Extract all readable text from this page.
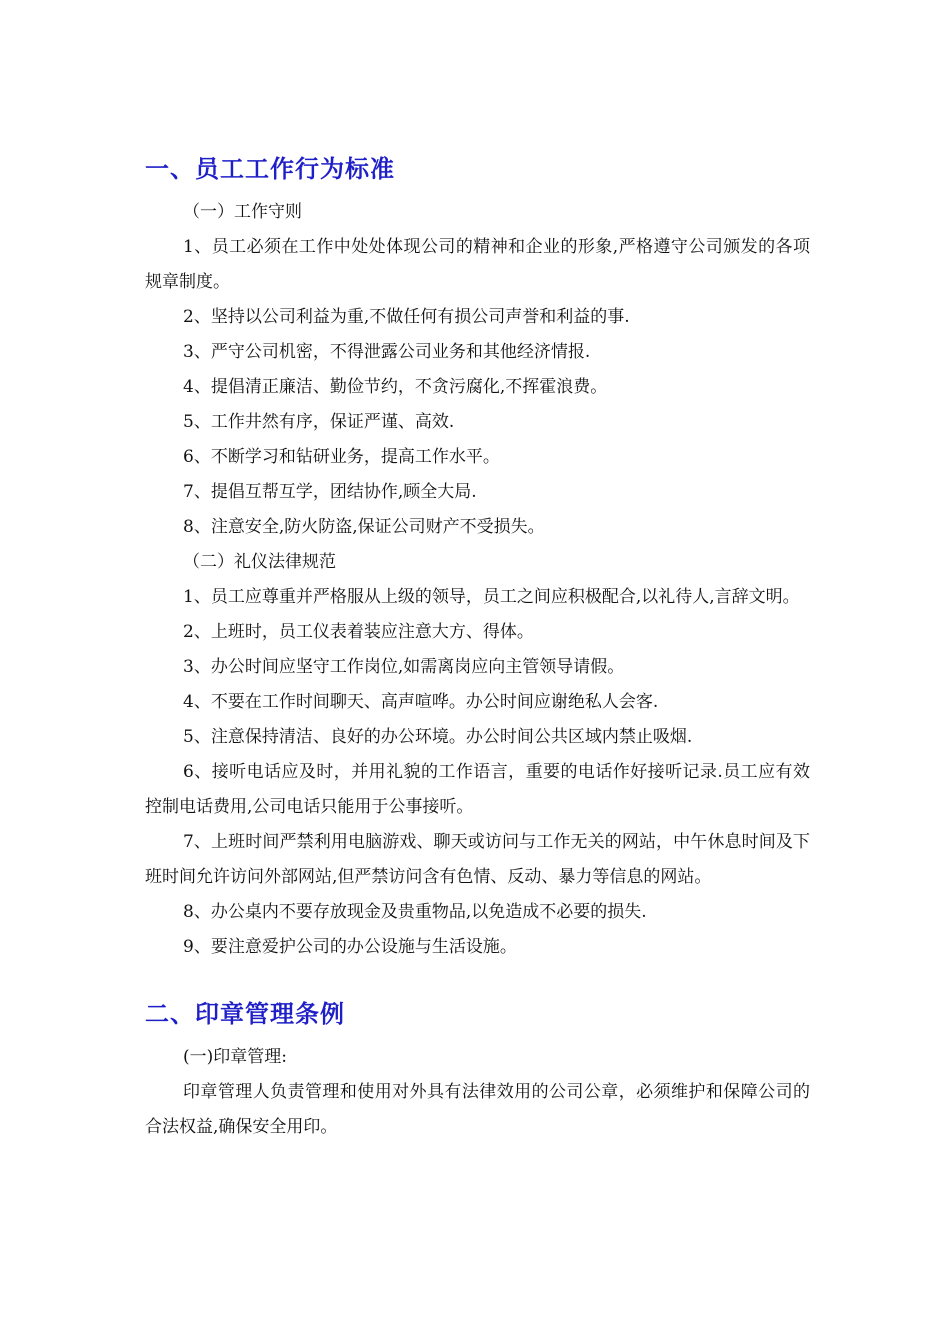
一、员工工作行为标准
（一）工作守则

1、员工必须在工作中处处体现公司的精神和企业的形象,严格遵守公司颁发的各项规章制度。

2、坚持以公司利益为重,不做任何有损公司声誉和利益的事.

3、严守公司机密，不得泄露公司业务和其他经济情报.

4、提倡清正廉洁、勤俭节约，不贪污腐化,不挥霍浪费。

5、工作井然有序，保证严谨、高效.

6、不断学习和钻研业务，提高工作水平。

7、提倡互帮互学，团结协作,顾全大局.

8、注意安全,防火防盗,保证公司财产不受损失。

（二）礼仪法律规范

1、员工应尊重并严格服从上级的领导，员工之间应积极配合,以礼待人,言辞文明。

2、上班时，员工仪表着装应注意大方、得体。

3、办公时间应坚守工作岗位,如需离岗应向主管领导请假。

4、不要在工作时间聊天、高声喧哗。办公时间应谢绝私人会客.

5、注意保持清洁、良好的办公环境。办公时间公共区域内禁止吸烟.

6、接听电话应及时，并用礼貌的工作语言，重要的电话作好接听记录.员工应有效控制电话费用,公司电话只能用于公事接听。

7、上班时间严禁利用电脑游戏、聊天或访问与工作无关的网站，中午休息时间及下班时间允许访问外部网站,但严禁访问含有色情、反动、暴力等信息的网站。

8、办公桌内不要存放现金及贵重物品,以免造成不必要的损失.

9、要注意爱护公司的办公设施与生活设施。

二、印章管理条例
(一)印章管理:

印章管理人负责管理和使用对外具有法律效用的公司公章，必须维护和保障公司的合法权益,确保安全用印。
